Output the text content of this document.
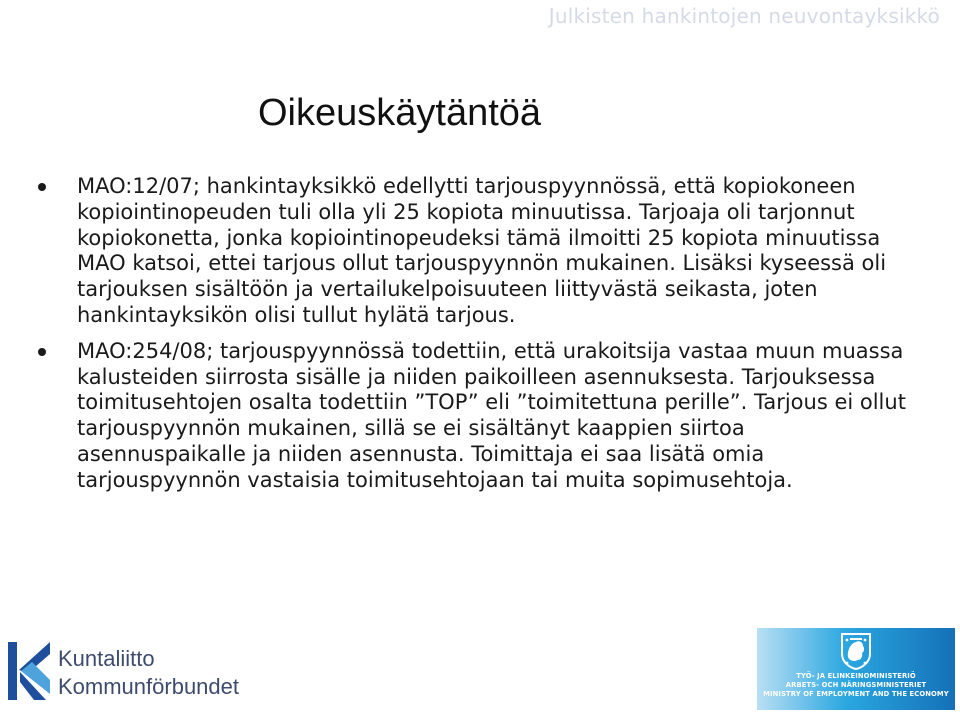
Julkisten hankintojen neuvontayksikkö
Oikeuskäytäntöä
MAO:12/07; hankintayksikkö edellytti tarjouspyynnössä, että kopiokoneen kopiointinopeuden tuli olla yli 25 kopiota minuutissa. Tarjoaja oli tarjonnut kopiokonetta, jonka kopiointinopeudeksi tämä ilmoitti 25 kopiota minuutissa MAO katsoi, ettei tarjous ollut tarjouspyynnön mukainen. Lisäksi kyseessä oli tarjouksen sisältöön ja vertailukelpoisuuteen liittyvästä seikasta, joten hankintayksikön olisi tullut hylätä tarjous.
MAO:254/08; tarjouspyynnössä todettiin, että urakoitsija vastaa muun muassa kalusteiden siirrosta sisälle ja niiden paikoilleen asennuksesta. Tarjouksessa toimitusehtojen osalta todettiin ”TOP” eli ”toimitettuna perille”. Tarjous ei ollut tarjouspyynnön mukainen, sillä se ei sisältänyt kaappien siirtoa asennuspaikalle ja niiden asennusta. Toimittaja ei saa lisätä omia tarjouspyynnön vastaisia toimitusehtojaan tai muita sopimusehtoja.
Kuntaliitto
Kommunförbundet	TYÖ- JA ELINKEINOMINISTERIÖ
ARBETS- OCH NÄRINGSMINISTERIET
MINISTRY OF EMPLOYMENT AND THE ECONOMY
